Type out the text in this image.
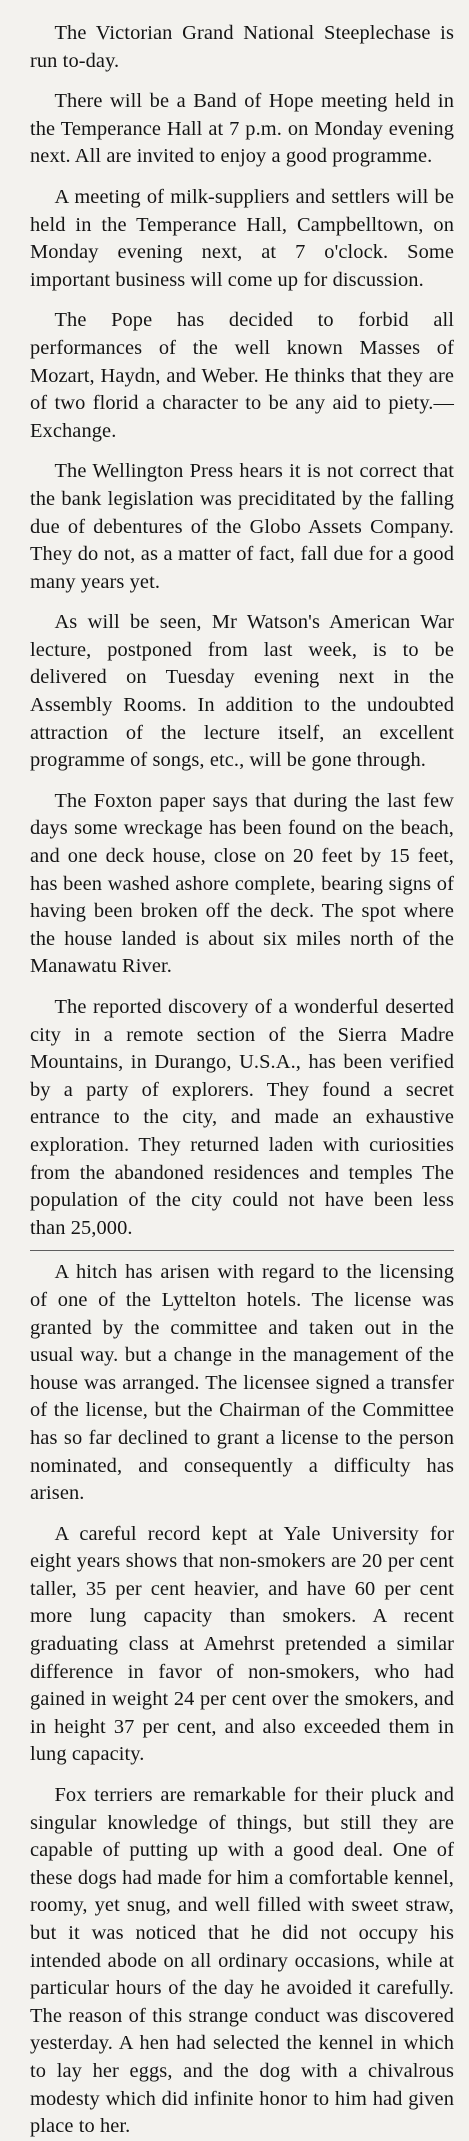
The Victorian Grand National Steeplechase is run to-day.

There will be a Band of Hope meeting held in the Temperance Hall at 7 p.m. on Monday evening next. All are invited to enjoy a good programme.

A meeting of milk-suppliers and settlers will be held in the Temperance Hall, Campbelltown, on Monday evening next, at 7 o'clock. Some important business will come up for discussion.

The Pope has decided to forbid all performances of the well known Masses of Mozart, Haydn, and Weber. He thinks that they are of two florid a character to be any aid to piety.—Exchange.

The Wellington Press hears it is not correct that the bank legislation was preciditated by the falling due of debentures of the Globo Assets Company. They do not, as a matter of fact, fall due for a good many years yet.

As will be seen, Mr Watson's American War lecture, postponed from last week, is to be delivered on Tuesday evening next in the Assembly Rooms. In addition to the undoubted attraction of the lecture itself, an excellent programme of songs, etc., will be gone through.

The Foxton paper says that during the last few days some wreckage has been found on the beach, and one deck house, close on 20 feet by 15 feet, has been washed ashore complete, bearing signs of having been broken off the deck. The spot where the house landed is about six miles north of the Manawatu River.

The reported discovery of a wonderful deserted city in a remote section of the Sierra Madre Mountains, in Durango, U.S.A., has been verified by a party of explorers. They found a secret entrance to the city, and made an exhaustive exploration. They returned laden with curiosities from the abandoned residences and temples The population of the city could not have been less than 25,000.

A hitch has arisen with regard to the licensing of one of the Lyttelton hotels. The license was granted by the committee and taken out in the usual way. but a change in the management of the house was arranged. The licensee signed a transfer of the license, but the Chairman of the Committee has so far declined to grant a license to the person nominated, and consequently a difficulty has arisen.

A careful record kept at Yale University for eight years shows that non-smokers are 20 per cent taller, 35 per cent heavier, and have 60 per cent more lung capacity than smokers. A recent graduating class at Amehrst pretended a similar difference in favor of non-smokers, who had gained in weight 24 per cent over the smokers, and in height 37 per cent, and also exceeded them in lung capacity.

Fox terriers are remarkable for their pluck and singular knowledge of things, but still they are capable of putting up with a good deal. One of these dogs had made for him a comfortable kennel, roomy, yet snug, and well filled with sweet straw, but it was noticed that he did not occupy his intended abode on all ordinary occasions, while at particular hours of the day he avoided it carefully. The reason of this strange conduct was discovered yesterday. A hen had selected the kennel in which to lay her eggs, and the dog with a chivalrous modesty which did infinite honor to him had given place to her.
